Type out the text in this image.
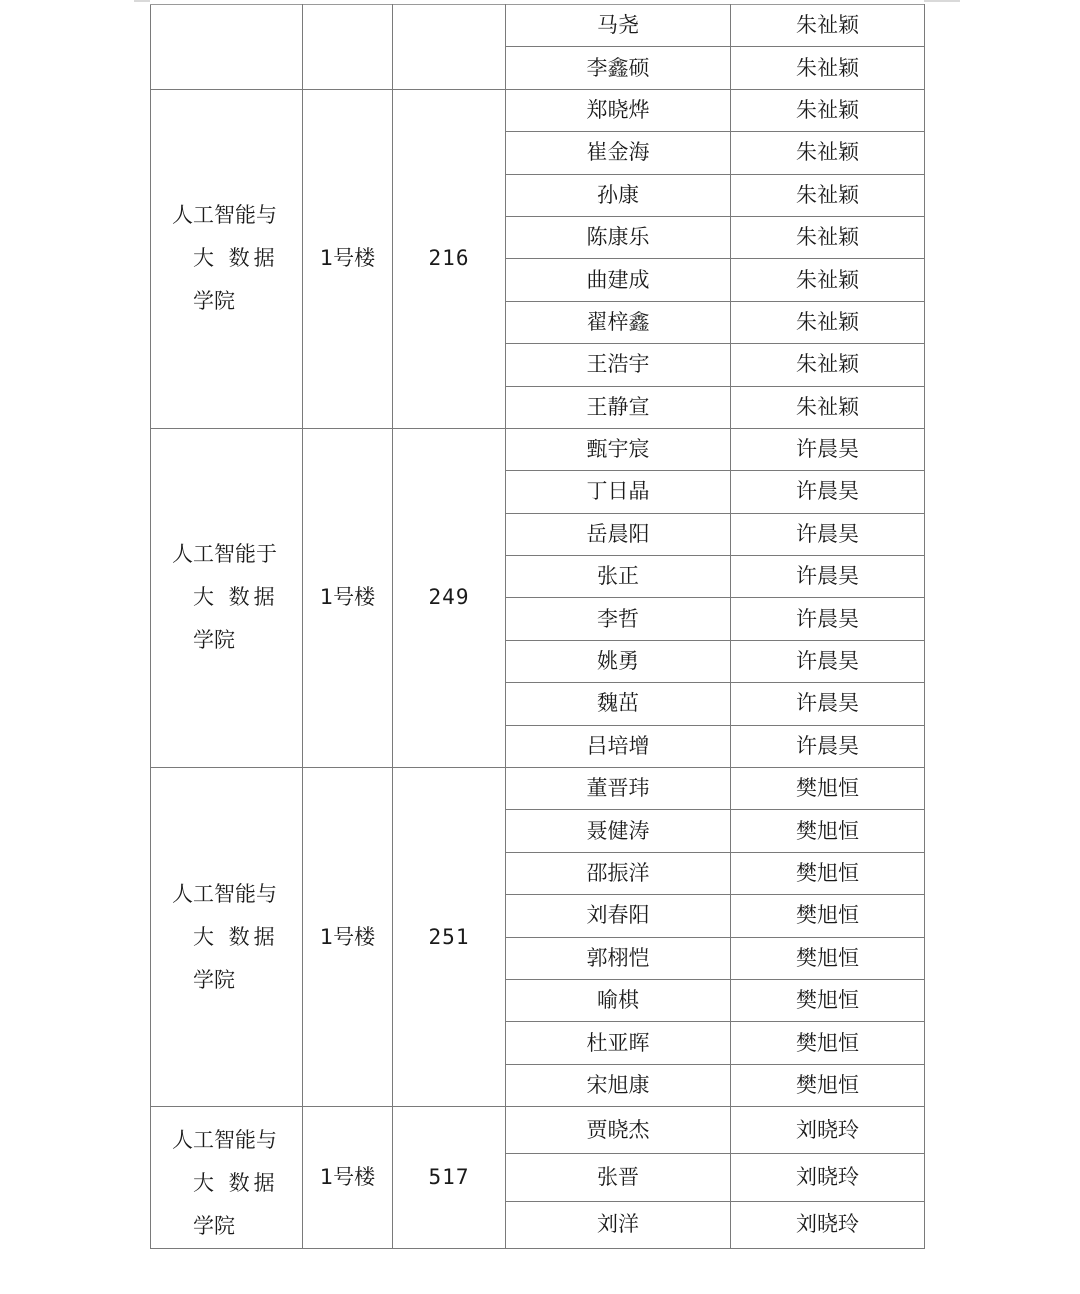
			马尧	朱祉颖
			李鑫硕	朱祉颖

人工智能与
大 数据
学院	1号楼	216	郑晓烨	朱祉颖
			崔金海	朱祉颖
			孙康	朱祉颖
			陈康乐	朱祉颖
			曲建成	朱祉颖
			翟梓鑫	朱祉颖
			王浩宇	朱祉颖
			王静宣	朱祉颖

人工智能于
大 数据
学院	1号楼	249	甄宇宸	许晨昊
			丁日晶	许晨昊
			岳晨阳	许晨昊
			张正	许晨昊
			李哲	许晨昊
			姚勇	许晨昊
			魏茁	许晨昊
			吕培增	许晨昊

人工智能与
大 数据
学院	1号楼	251	董晋玮	樊旭恒
			聂健涛	樊旭恒
			邵振洋	樊旭恒
			刘春阳	樊旭恒
			郭栩恺	樊旭恒
			喻棋	樊旭恒
			杜亚晖	樊旭恒
			宋旭康	樊旭恒

人工智能与
大 数据
学院	1号楼	517	贾晓杰	刘晓玲
			张晋	刘晓玲
			刘洋	刘晓玲
